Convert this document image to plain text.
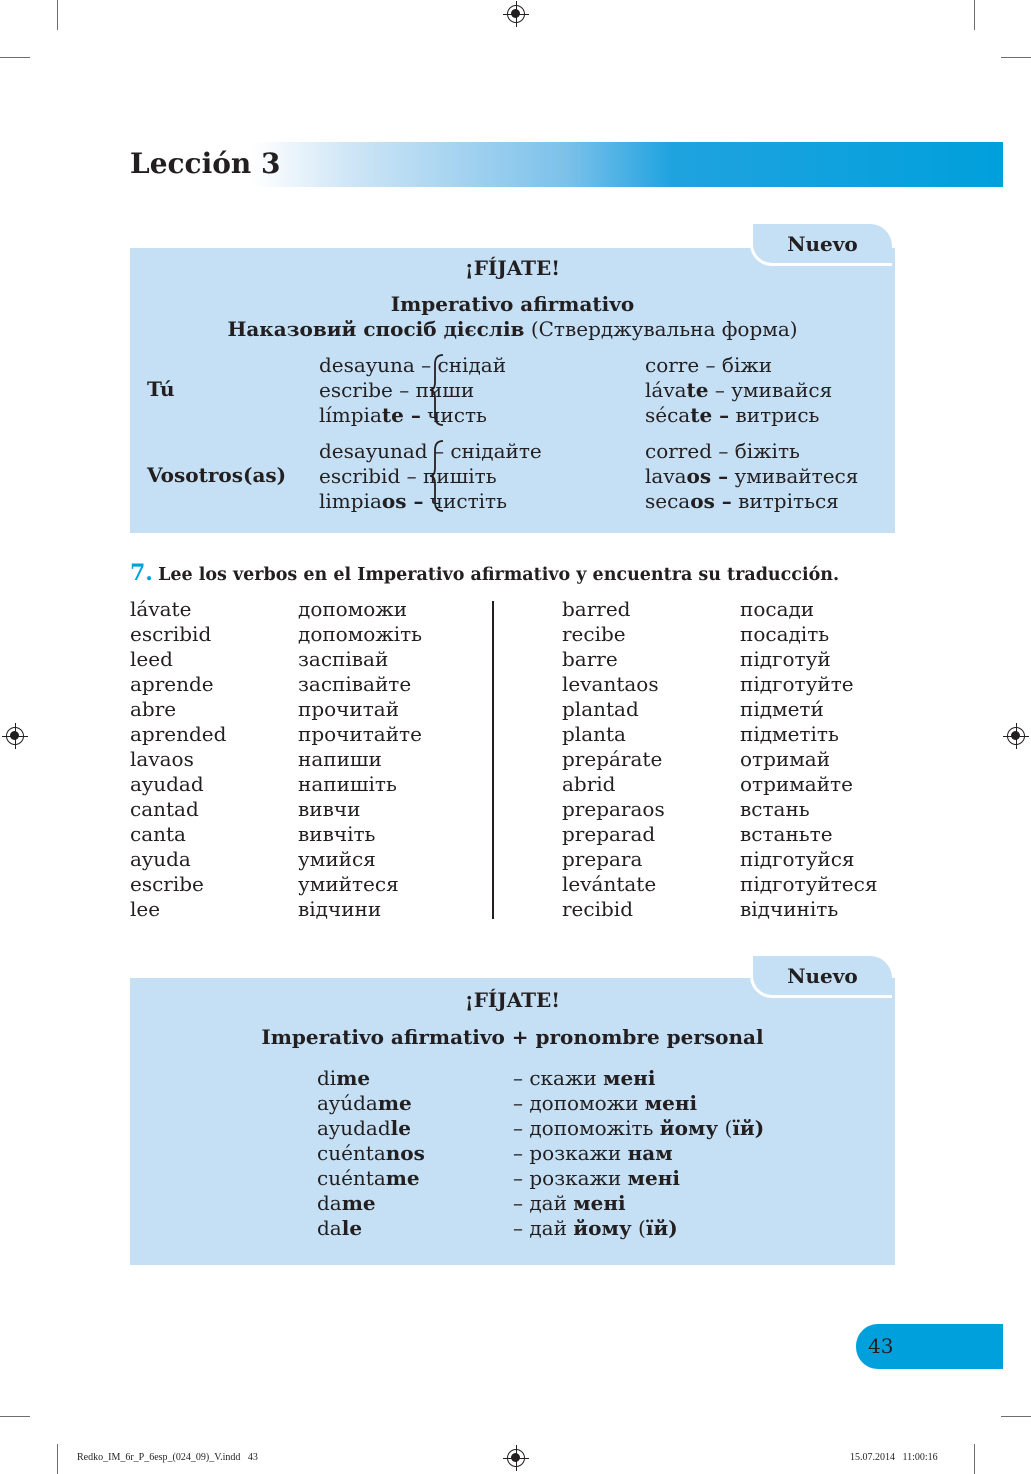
Lección 3
¡FÍJATE!
Imperativo afirmativo
Наказовий спосіб дієслів (Стверджувальна форма)
Tú
desayuna – снідай
escribe – пиши
límpiate – чисть
corre – біжи
lávate – умивайся
sécate – витрись
Vosotros(as)
desayunad – снідайте
escribid – пишіть
limpiaos – чистіть
corred – біжіть
lavaos – умивайтеся
secaos – витріться
Nuevo
7. Lee los verbos en el Imperativo afirmativo y encuentra su traducción.
lávate
escribid
leed
aprende
abre
aprended
lavaos
ayudad
cantad
canta
ayuda
escribe
lee
допоможи
допоможіть
заспівай
заспівайте
прочитай
прочитайте
напиши
напишіть
вивчи
вивчіть
умийся
умийтеся
відчини
barred
recibe
barre
levantaos
plantad
planta
prepárate
abrid
preparaos
preparad
prepara
levántate
recibid
посади
посадіть
підготуй
підготуйте
підмети́
підметіть
отримай
отримайте
встань
встаньте
підготуйся
підготуйтеся
відчиніть
¡FÍJATE!
Imperativo afirmativo + pronombre personal
dime
ayúdame
ayudadle
cuéntanos
cuéntame
dame
dale
– скажи мені
– допоможи мені
– допоможіть йому (їй)
– розкажи нам
– розкажи мені
– дай мені
– дай йому (їй)
Nuevo
43
Redko_IM_6r_P_6esp_(024_09)_V.indd   43	15.07.2014   11:00:16
